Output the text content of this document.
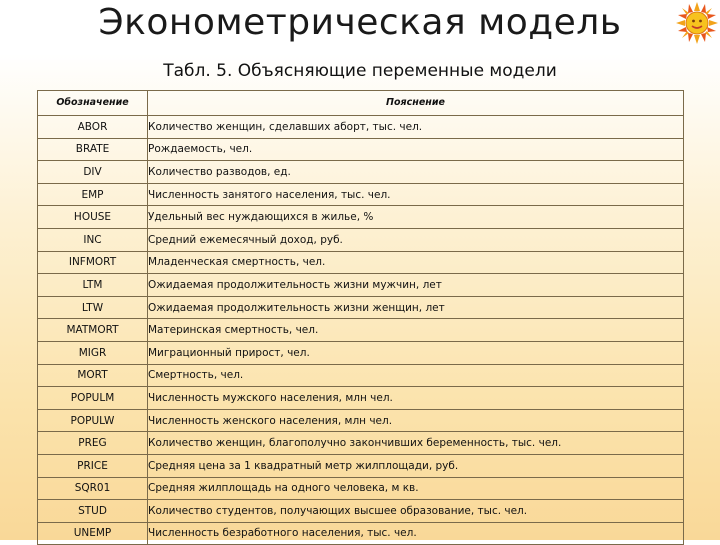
Эконометрическая модель
Табл. 5. Объясняющие переменные модели
Обозначение	Пояснение
ABOR	Количество женщин, сделавших аборт, тыс. чел.
BRATE	Рождаемость, чел.
DIV	Количество разводов, ед.
EMP	Численность занятого населения, тыс. чел.
HOUSE	Удельный вес нуждающихся в жилье, %
INC	Средний ежемесячный доход, руб.
INFMORT	Младенческая смертность, чел.
LTM	Ожидаемая продолжительность жизни мужчин, лет
LTW	Ожидаемая продолжительность жизни женщин, лет
MATMORT	Материнская смертность, чел.
MIGR	Миграционный прирост, чел.
MORT	Смертность, чел.
POPULM	Численность мужского населения, млн чел.
POPULW	Численность женского населения, млн чел.
PREG	Количество женщин, благополучно закончивших беременность, тыс. чел.
PRICE	Средняя цена за 1 квадратный метр жилплощади, руб.
SQR01	Средняя жилплощадь на одного человека, м кв.
STUD	Количество студентов, получающих высшее образование, тыс. чел.
UNEMP	Численность безработного населения, тыс. чел.
